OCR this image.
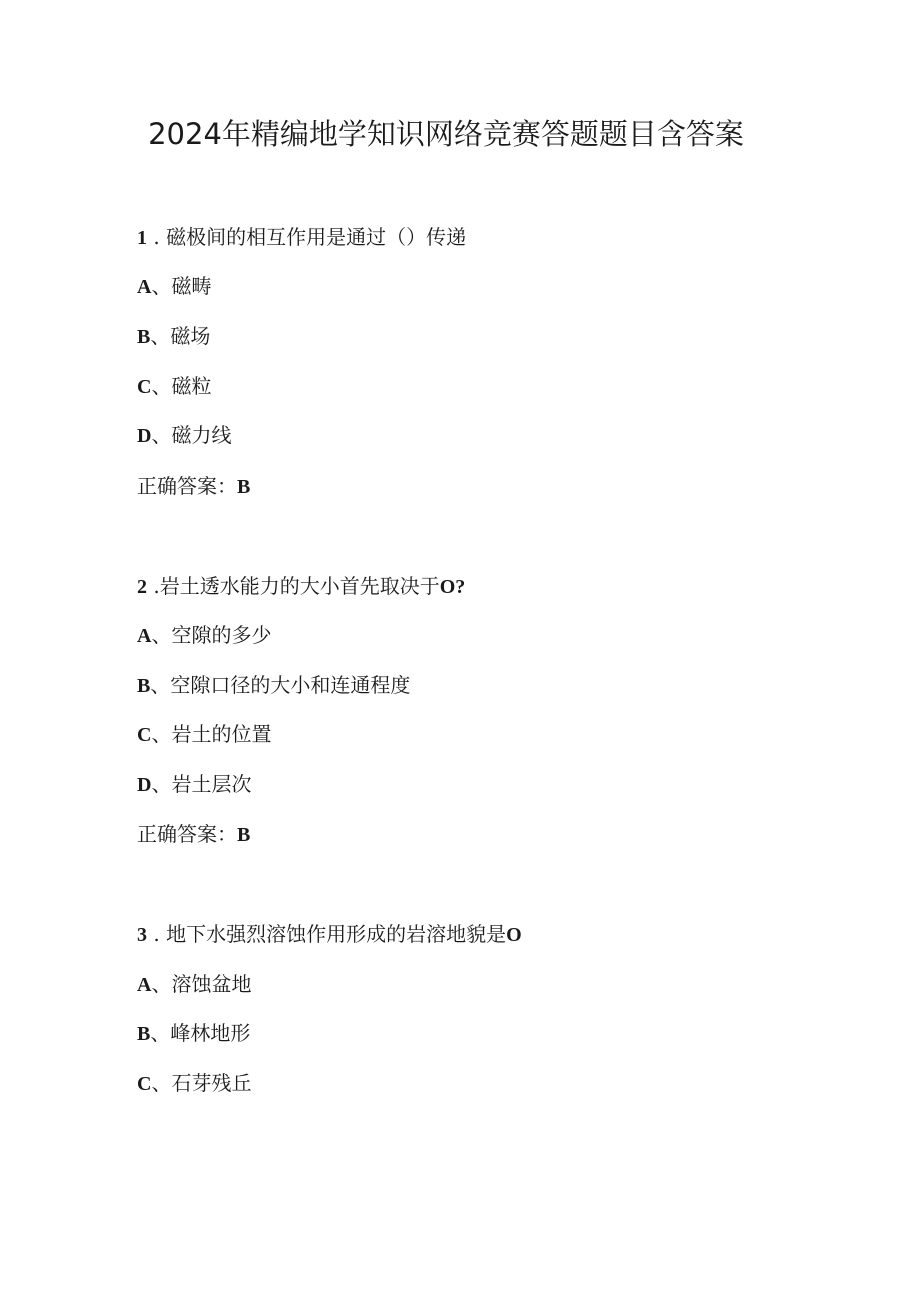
2024年精编地学知识网络竞赛答题题目含答案
1 . 磁极间的相互作用是通过（）传递
A、磁畴
B、磁场
C、磁粒
D、磁力线
正确答案：B
2 .岩土透水能力的大小首先取决于O?
A、空隙的多少
B、空隙口径的大小和连通程度
C、岩土的位置
D、岩土层次
正确答案：B
3 . 地下水强烈溶蚀作用形成的岩溶地貌是O
A、溶蚀盆地
B、峰林地形
C、石芽残丘
